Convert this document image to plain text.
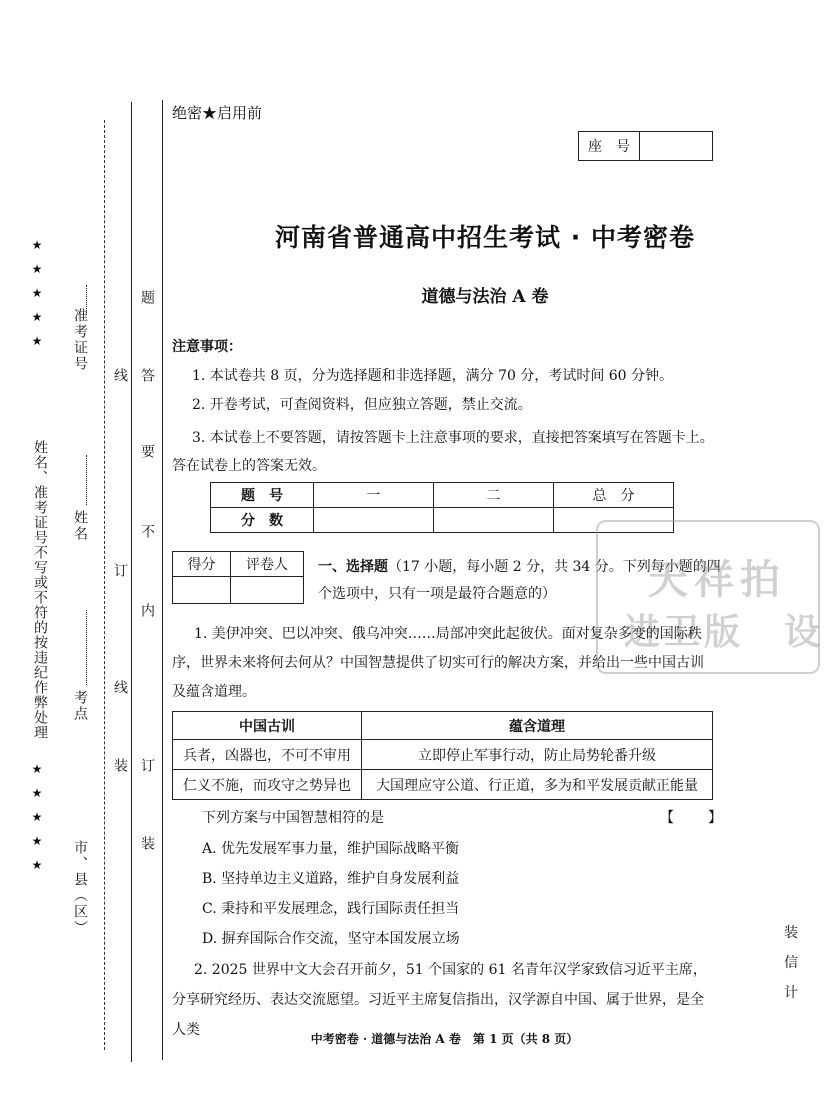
★★★★★
★★★★★
姓名、准考证号不写或不符的按违纪作弊处理
准考证号
姓名
考点
市、县（区）
线
订
线
装
题
答
要
不
内
订
装
绝密★启用前
座　号	
河南省普通高中招生考试 · 中考密卷
道德与法治 A 卷
注意事项：
1. 本试卷共 8 页，分为选择题和非选择题，满分 70 分，考试时间 60 分钟。
2. 开卷考试，可查阅资料，但应独立答题，禁止交流。
3. 本试卷上不要答题，请按答题卡上注意事项的要求，直接把答案填写在答题卡上。答在试卷上的答案无效。
题　号	一	二	总　分
分　数			
得分	评卷人
	一、选择题（17 小题，每小题 2 分，共 34 分。下列每小题的四个选项中，只有一项是最符合题意的）	天祥拍
进卫版　设
1. 美伊冲突、巴以冲突、俄乌冲突……局部冲突此起彼伏。面对复杂多变的国际秩序，世界未来将何去何从？中国智慧提供了切实可行的解决方案，并给出一些中国古训及蕴含道理。
中国古训	蕴含道理
兵者，凶器也，不可不审用	立即停止军事行动，防止局势轮番升级
仁义不施，而攻守之势异也	大国理应守公道、行正道，多为和平发展贡献正能量
下列方案与中国智慧相符的是	【　　】
A. 优先发展军事力量，维护国际战略平衡
B. 坚持单边主义道路，维护自身发展利益
C. 秉持和平发展理念，践行国际责任担当
D. 摒弃国际合作交流，坚守本国发展立场
2. 2025 世界中文大会召开前夕，51 个国家的 61 名青年汉学家致信习近平主席，分享研究经历、表达交流愿望。习近平主席复信指出，汉学源自中国、属于世界，是全人类
装
信
计
中考密卷 · 道德与法治 A 卷　第 1 页（共 8 页）
